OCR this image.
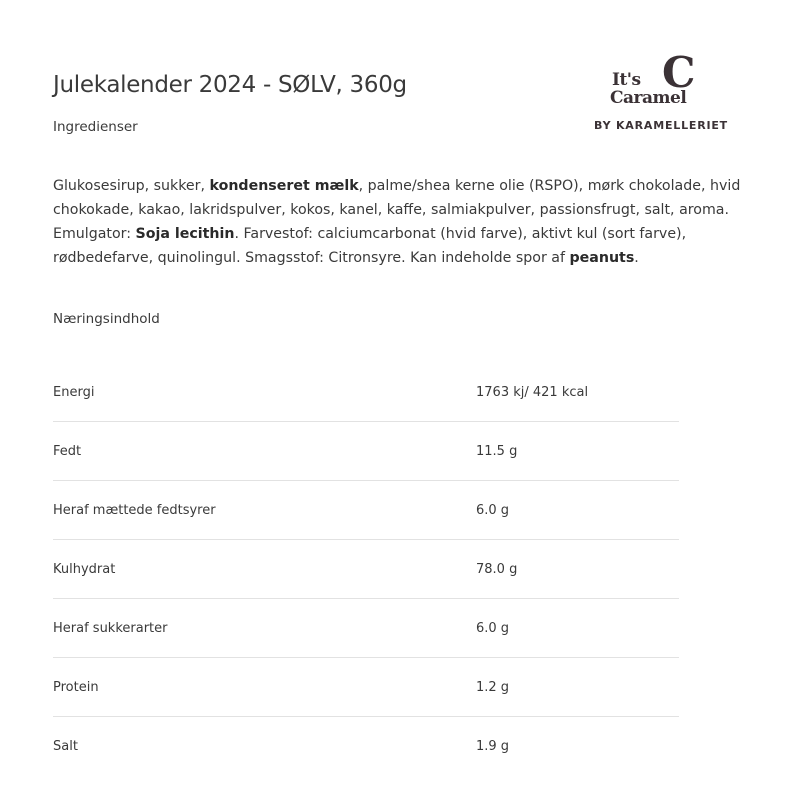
Julekalender 2024 - SØLV, 360g
Ingredienser
It's
Caramel
C
BY KARAMELLERIET
Glukosesirup, sukker, kondenseret mælk, palme/shea kerne olie (RSPO), mørk chokolade, hvid chokokade, kakao, lakridspulver, kokos, kanel, kaffe, salmiakpulver, passionsfrugt, salt, aroma. Emulgator: Soja lecithin. Farvestof: calciumcarbonat (hvid farve), aktivt kul (sort farve), rødbedefarve, quinolingul. Smagsstof: Citronsyre. Kan indeholde spor af peanuts.
Næringsindhold
Energi	1763 kj/ 421 kcal
Fedt	11.5 g
Heraf mættede fedtsyrer	6.0 g
Kulhydrat	78.0 g
Heraf sukkerarter	6.0 g
Protein	1.2 g
Salt	1.9 g
